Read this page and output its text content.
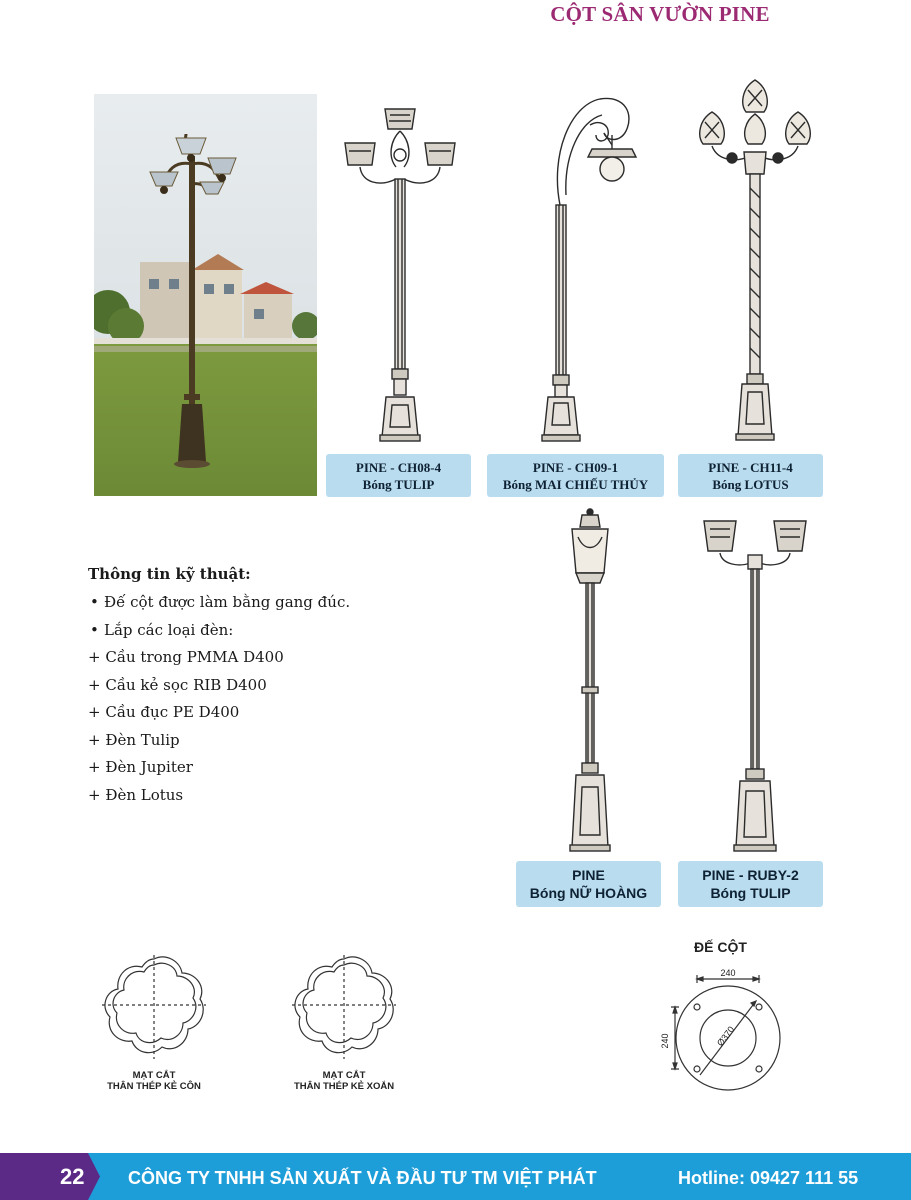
CỘT SÂN VƯỜN PINE
PINE - CH08-4
Bóng TULIP
PINE - CH09-1
Bóng MAI CHIẾU THỦY
PINE - CH11-4
Bóng LOTUS
PINE
Bóng NỮ HOÀNG
PINE - RUBY-2
Bóng TULIP
Thông tin kỹ thuật:
• Đế cột được làm bằng gang đúc.
• Lắp các loại đèn:
+ Cầu trong PMMA D400
+ Cầu kẻ sọc RIB D400
+ Cầu đục PE D400
+ Đèn Tulip
+ Đèn Jupiter
+ Đèn Lotus
MẠT CẮT
THÂN THÉP KẺ CÔN
MẠT CẮT
THÂN THÉP KẺ XOẮN
ĐẾ CỘT
240
240	Ø370
22 CÔNG TY TNHH SẢN XUẤT VÀ ĐẦU TƯ TM VIỆT PHÁT	Hotline: 09427 111 55
